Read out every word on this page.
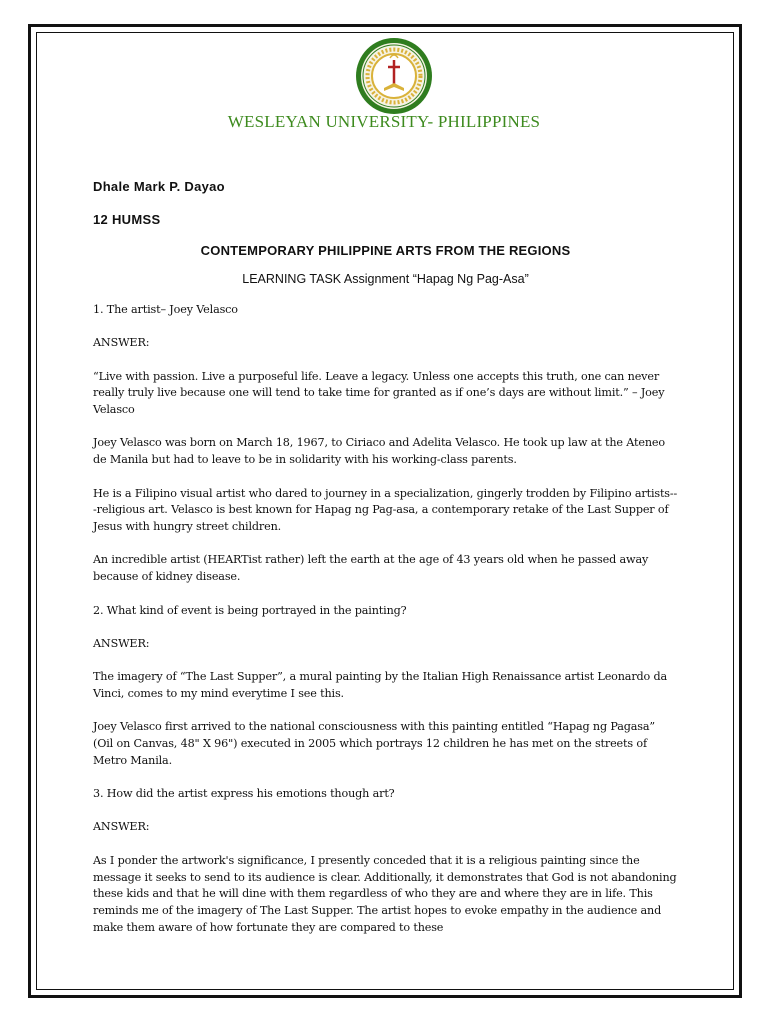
WESLEYAN UNIVERSITY- PHILIPPINES
Dhale Mark P. Dayao
12 HUMSS
CONTEMPORARY PHILIPPINE ARTS FROM THE REGIONS
LEARNING TASK Assignment “Hapag Ng Pag-Asa”

1. The artist– Joey Velasco

ANSWER:

“Live with passion. Live a purposeful life. Leave a legacy. Unless one accepts this truth, one can never really truly live because one will tend to take time for granted as if one’s days are without limit.” – Joey Velasco

Joey Velasco was born on March 18, 1967, to Ciriaco and Adelita Velasco. He took up law at the Ateneo de Manila but had to leave to be in solidarity with his working-class parents.

He is a Filipino visual artist who dared to journey in a specialization, gingerly trodden by Filipino artists---religious art. Velasco is best known for Hapag ng Pag-asa, a contemporary retake of the Last Supper of Jesus with hungry street children.

An incredible artist (HEARTist rather) left the earth at the age of 43 years old when he passed away because of kidney disease.

2. What kind of event is being portrayed in the painting?

ANSWER:

The imagery of “The Last Supper”, a mural painting by the Italian High Renaissance artist Leonardo da Vinci, comes to my mind everytime I see this.

Joey Velasco first arrived to the national consciousness with this painting entitled “Hapag ng Pagasa” (Oil on Canvas, 48" X 96") executed in 2005 which portrays 12 children he has met on the streets of Metro Manila.

3. How did the artist express his emotions though art?

ANSWER:

As I ponder the artwork's significance, I presently conceded that it is a religious painting since the message it seeks to send to its audience is clear. Additionally, it demonstrates that God is not abandoning these kids and that he will dine with them regardless of who they are and where they are in life. This reminds me of the imagery of The Last Supper. The artist hopes to evoke empathy in the audience and make them aware of how fortunate they are compared to these
